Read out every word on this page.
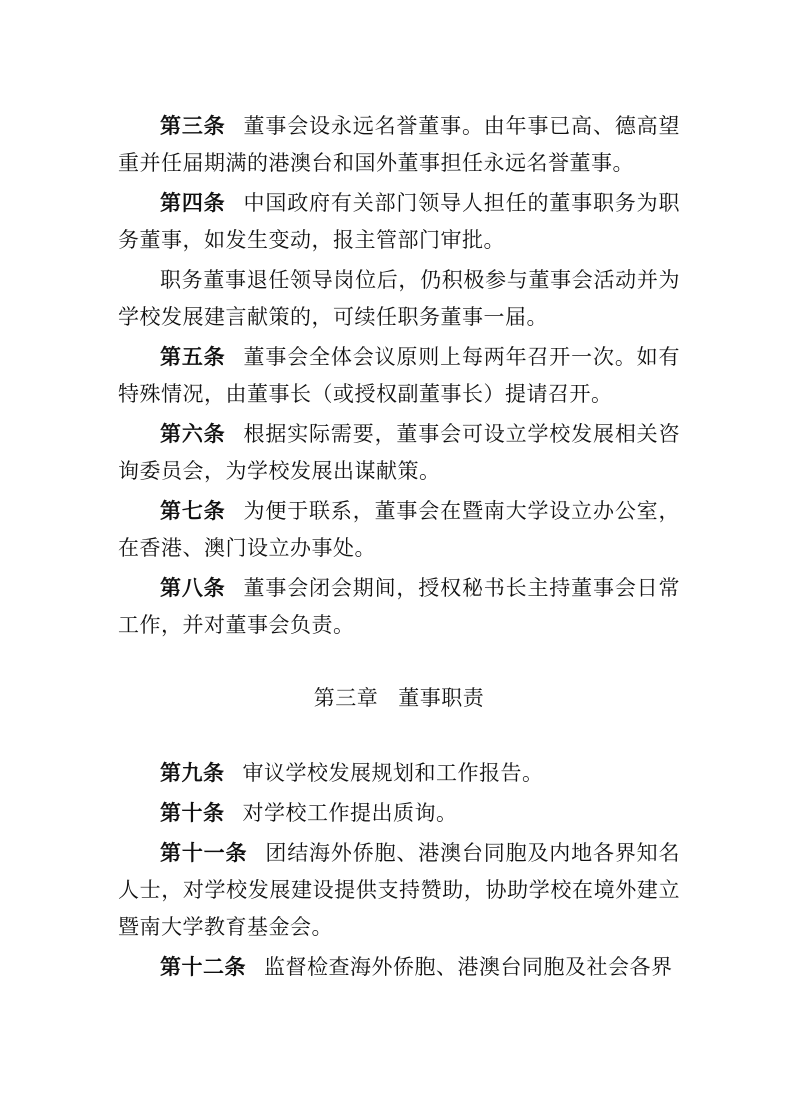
第三条 董事会设永远名誉董事。由年事已高、德高望重并任届期满的港澳台和国外董事担任永远名誉董事。

第四条 中国政府有关部门领导人担任的董事职务为职务董事，如发生变动，报主管部门审批。

职务董事退任领导岗位后，仍积极参与董事会活动并为学校发展建言献策的，可续任职务董事一届。

第五条 董事会全体会议原则上每两年召开一次。如有特殊情况，由董事长（或授权副董事长）提请召开。

第六条 根据实际需要，董事会可设立学校发展相关咨询委员会，为学校发展出谋献策。

第七条 为便于联系，董事会在暨南大学设立办公室，在香港、澳门设立办事处。

第八条 董事会闭会期间，授权秘书长主持董事会日常工作，并对董事会负责。

第三章 董事职责

第九条 审议学校发展规划和工作报告。

第十条 对学校工作提出质询。

第十一条 团结海外侨胞、港澳台同胞及内地各界知名人士，对学校发展建设提供支持赞助，协助学校在境外建立暨南大学教育基金会。

第十二条 监督检查海外侨胞、港澳台同胞及社会各界
